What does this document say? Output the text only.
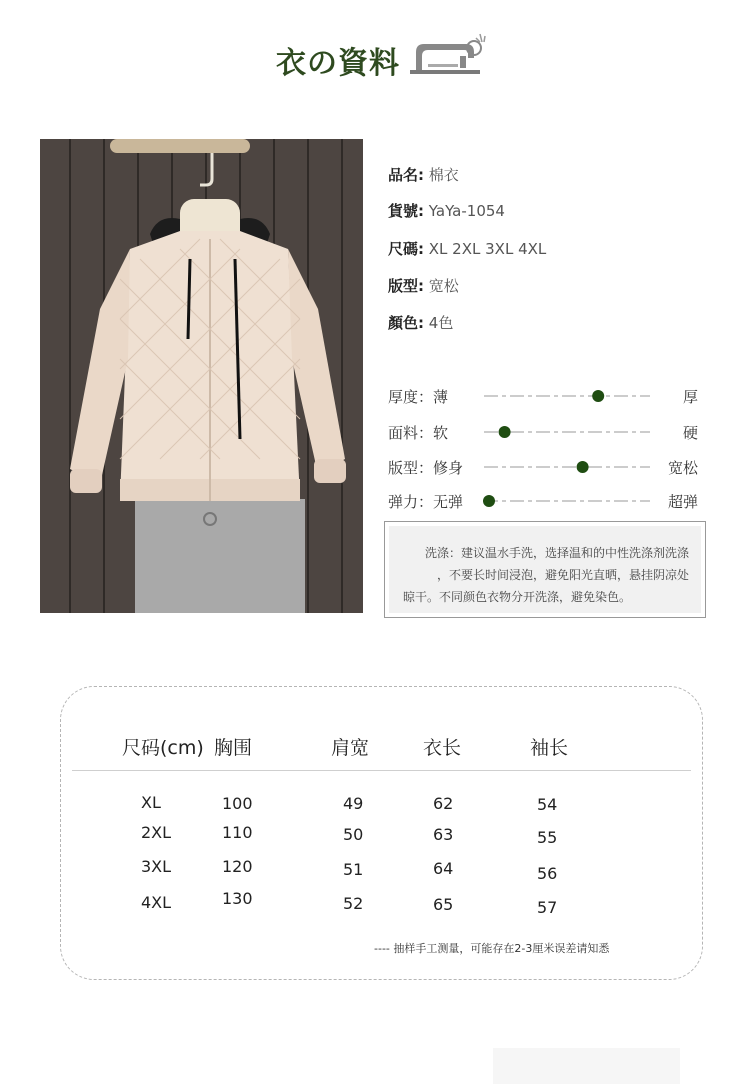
衣の資料
品名: 棉衣
貨號: YaYa-1054
尺碼: XL 2XL 3XL 4XL
版型: 宽松
顏色: 4色
厚度：薄	厚
面料：软	硬
版型：修身	宽松
弹力：无弹	超弹
洗涤：建议温水手洗，选择温和的中性洗涤剂洗涤
，不要长时间浸泡，避免阳光直晒，悬挂阴凉处
晾干。不同颜色衣物分开洗涤，避免染色。
尺码(cm) 胸围	肩宽	衣长	袖长
XL	100	49	62	54
2XL	110	50	63	55
3XL	120	51	64	56
4XL	130	52	65	57
---- 抽样手工测量，可能存在2-3厘米误差请知悉
